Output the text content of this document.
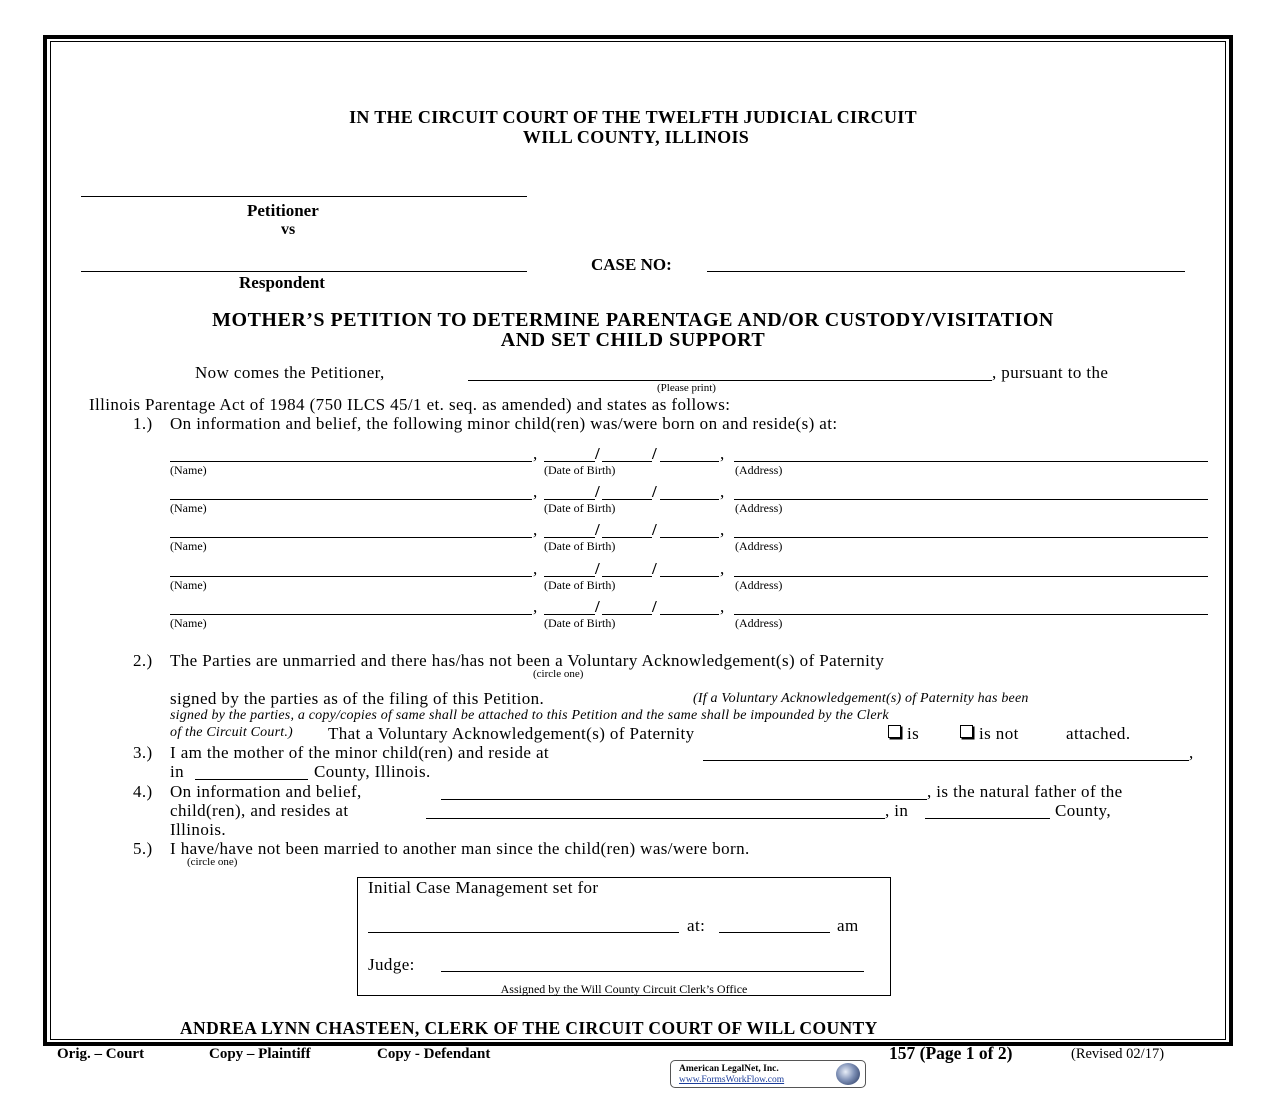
IN THE CIRCUIT COURT OF THE TWELFTH JUDICIAL CIRCUIT
WILL COUNTY, ILLINOIS
Petitioner
vs
CASE NO:
Respondent
MOTHER’S PETITION TO DETERMINE PARENTAGE AND/OR CUSTODY/VISITATION
AND SET CHILD SUPPORT
Now comes the Petitioner,	, pursuant to the
(Please print)
Illinois Parentage Act of 1984 (750 ILCS 45/1 et. seq. as amended) and states as follows:
1.) On information and belief, the following minor child(ren) was/were born on and reside(s) at:
,	/	/	,
(Name)	(Date of Birth)	(Address)
,	/	/	,
(Name)	(Date of Birth)	(Address)
,	/	/	,
(Name)	(Date of Birth)	(Address)
,	/	/	,
(Name)	(Date of Birth)	(Address)
,	/	/	,
(Name)	(Date of Birth)	(Address)
2.) The Parties are unmarried and there has/has not been a Voluntary Acknowledgement(s) of Paternity
(circle one)
signed by the parties as of the filing of this Petition.	(If a Voluntary Acknowledgement(s) of Paternity has been
signed by the parties, a copy/copies of same shall be attached to this Petition and the same shall be impounded by the Clerk
of the Circuit Court.) That a Voluntary Acknowledgement(s) of Paternity	is	is not	attached.
3.) I am the mother of the minor child(ren) and reside at	,
in	County, Illinois.
4.) On information and belief,	, is the natural father of the
child(ren), and resides at	, in	County,
Illinois.
5.) I have/have not been married to another man since the child(ren) was/were born.
(circle one)
Initial Case Management set for
at:	am
Judge:
Assigned by the Will County Circuit Clerk’s Office
ANDREA LYNN CHASTEEN, CLERK OF THE CIRCUIT COURT OF WILL COUNTY
Orig. – Court	Copy – Plaintiff	Copy - Defendant	157 (Page 1 of 2)	(Revised 02/17)
American LegalNet, Inc.
www.FormsWorkFlow.com
